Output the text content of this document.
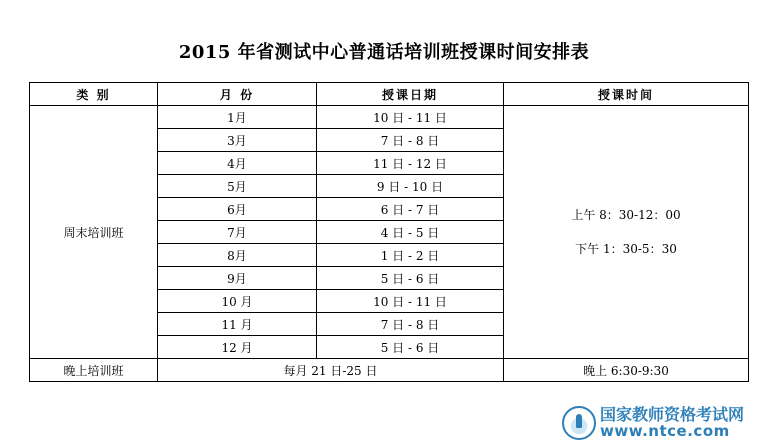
2015 年省测试中心普通话培训班授课时间安排表
类 别	月 份	授课日期	授课时间
周末培训班	1月	10 日 - 11 日	上午 8：30-12：00
下午 1：30-5：30

	3月	7 日 - 8 日	
	4月	11 日 - 12 日	
	5月	9 日 - 10 日	
	6月	6 日 - 7 日	
	7月	4 日 - 5 日	
	8月	1 日 - 2 日	
	9月	5 日 - 6 日	
	10 月	10 日 - 11 日	
	11 月	7 日 - 8 日	
	12 月	5 日 - 6 日	
晚上培训班	每月 21 日-25 日		晚上 6:30-9:30
国家教师资格考试网
www.ntce.com
